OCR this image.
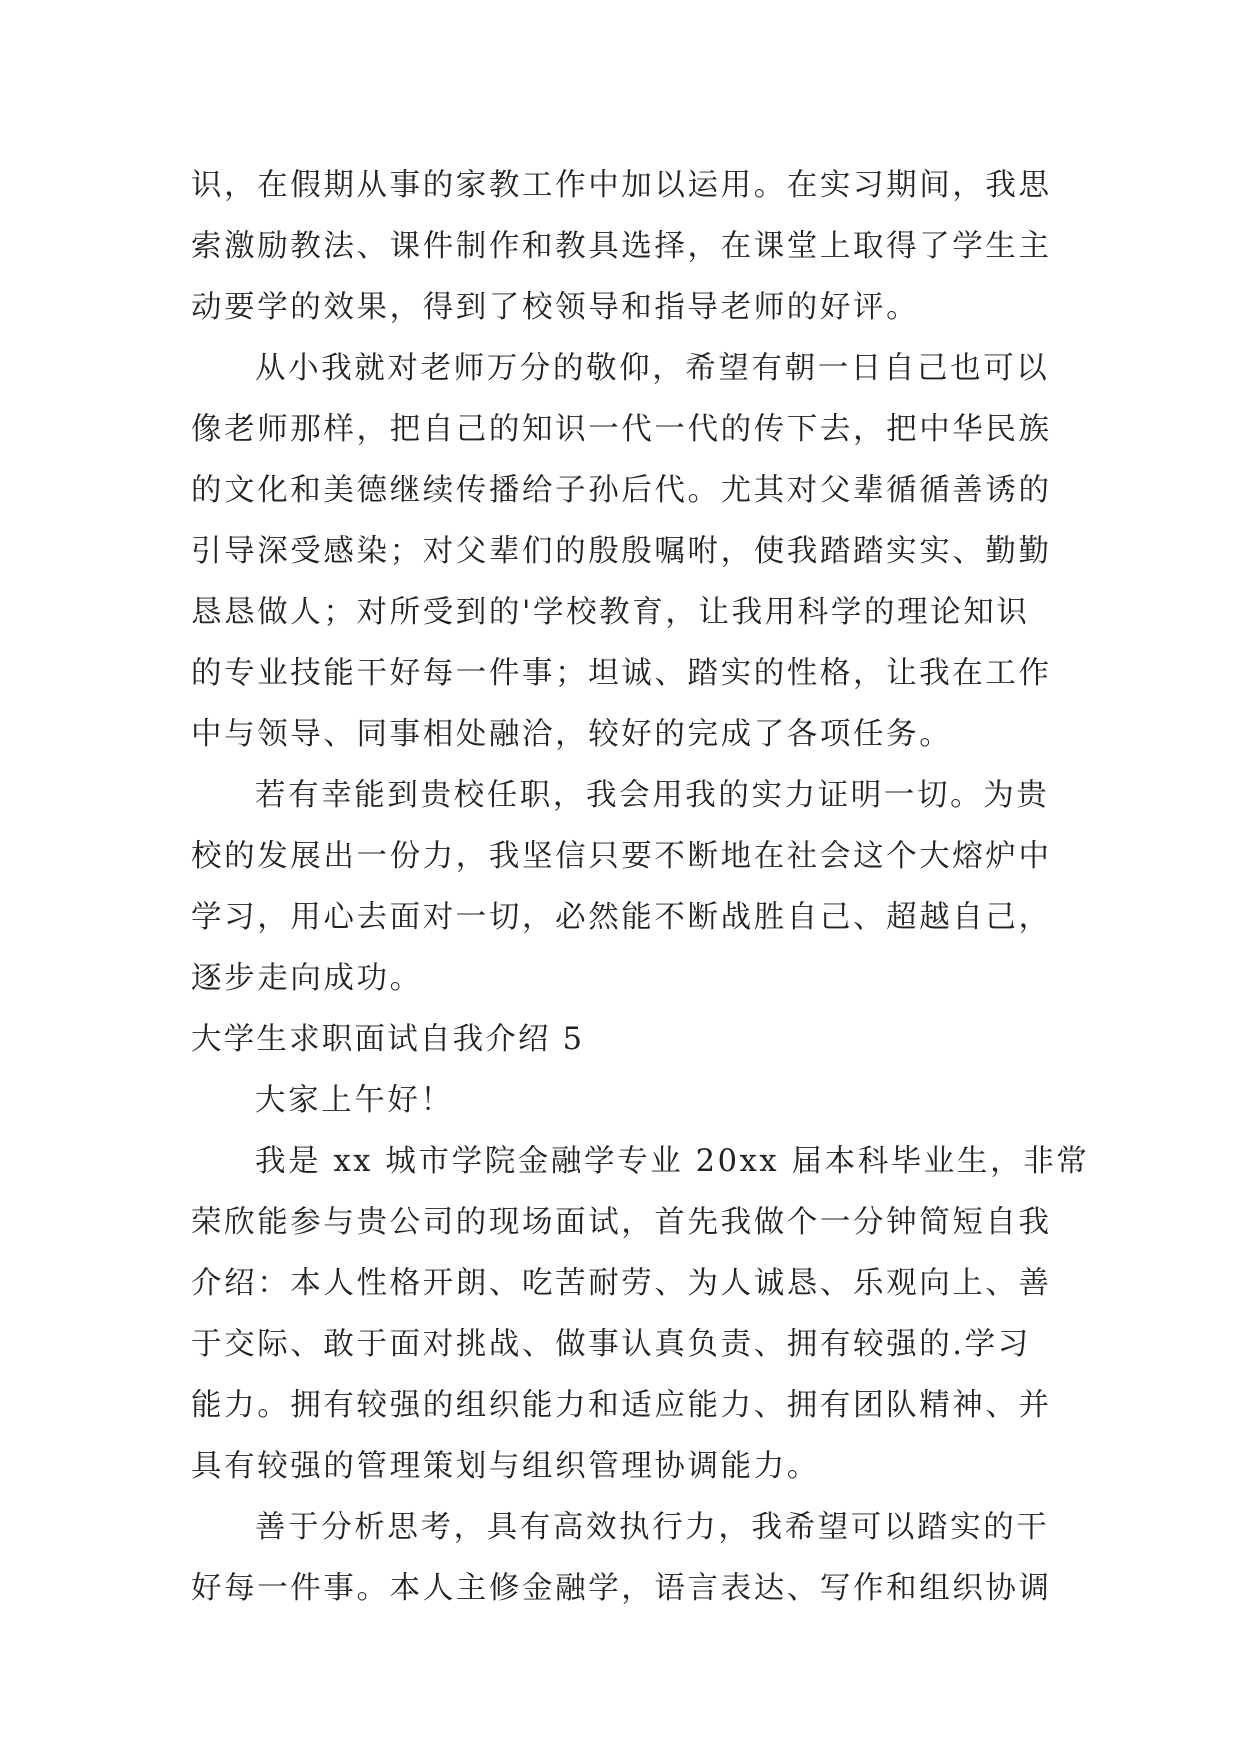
识，在假期从事的家教工作中加以运用。在实习期间，我思
索激励教法、课件制作和教具选择，在课堂上取得了学生主
动要学的效果，得到了校领导和指导老师的好评。
从小我就对老师万分的敬仰，希望有朝一日自己也可以
像老师那样，把自己的知识一代一代的传下去，把中华民族
的文化和美德继续传播给子孙后代。尤其对父辈循循善诱的
引导深受感染；对父辈们的殷殷嘱咐，使我踏踏实实、勤勤
恳恳做人；对所受到的'学校教育，让我用科学的理论知识
的专业技能干好每一件事；坦诚、踏实的性格，让我在工作
中与领导、同事相处融洽，较好的完成了各项任务。
若有幸能到贵校任职，我会用我的实力证明一切。为贵
校的发展出一份力，我坚信只要不断地在社会这个大熔炉中
学习，用心去面对一切，必然能不断战胜自己、超越自己，
逐步走向成功。
大学生求职面试自我介绍 5
大家上午好！
我是 xx 城市学院金融学专业 20xx 届本科毕业生，非常
荣欣能参与贵公司的现场面试，首先我做个一分钟简短自我
介绍：本人性格开朗、吃苦耐劳、为人诚恳、乐观向上、善
于交际、敢于面对挑战、做事认真负责、拥有较强的.学习
能力。拥有较强的组织能力和适应能力、拥有团队精神、并
具有较强的管理策划与组织管理协调能力。
善于分析思考，具有高效执行力，我希望可以踏实的干
好每一件事。本人主修金融学，语言表达、写作和组织协调
